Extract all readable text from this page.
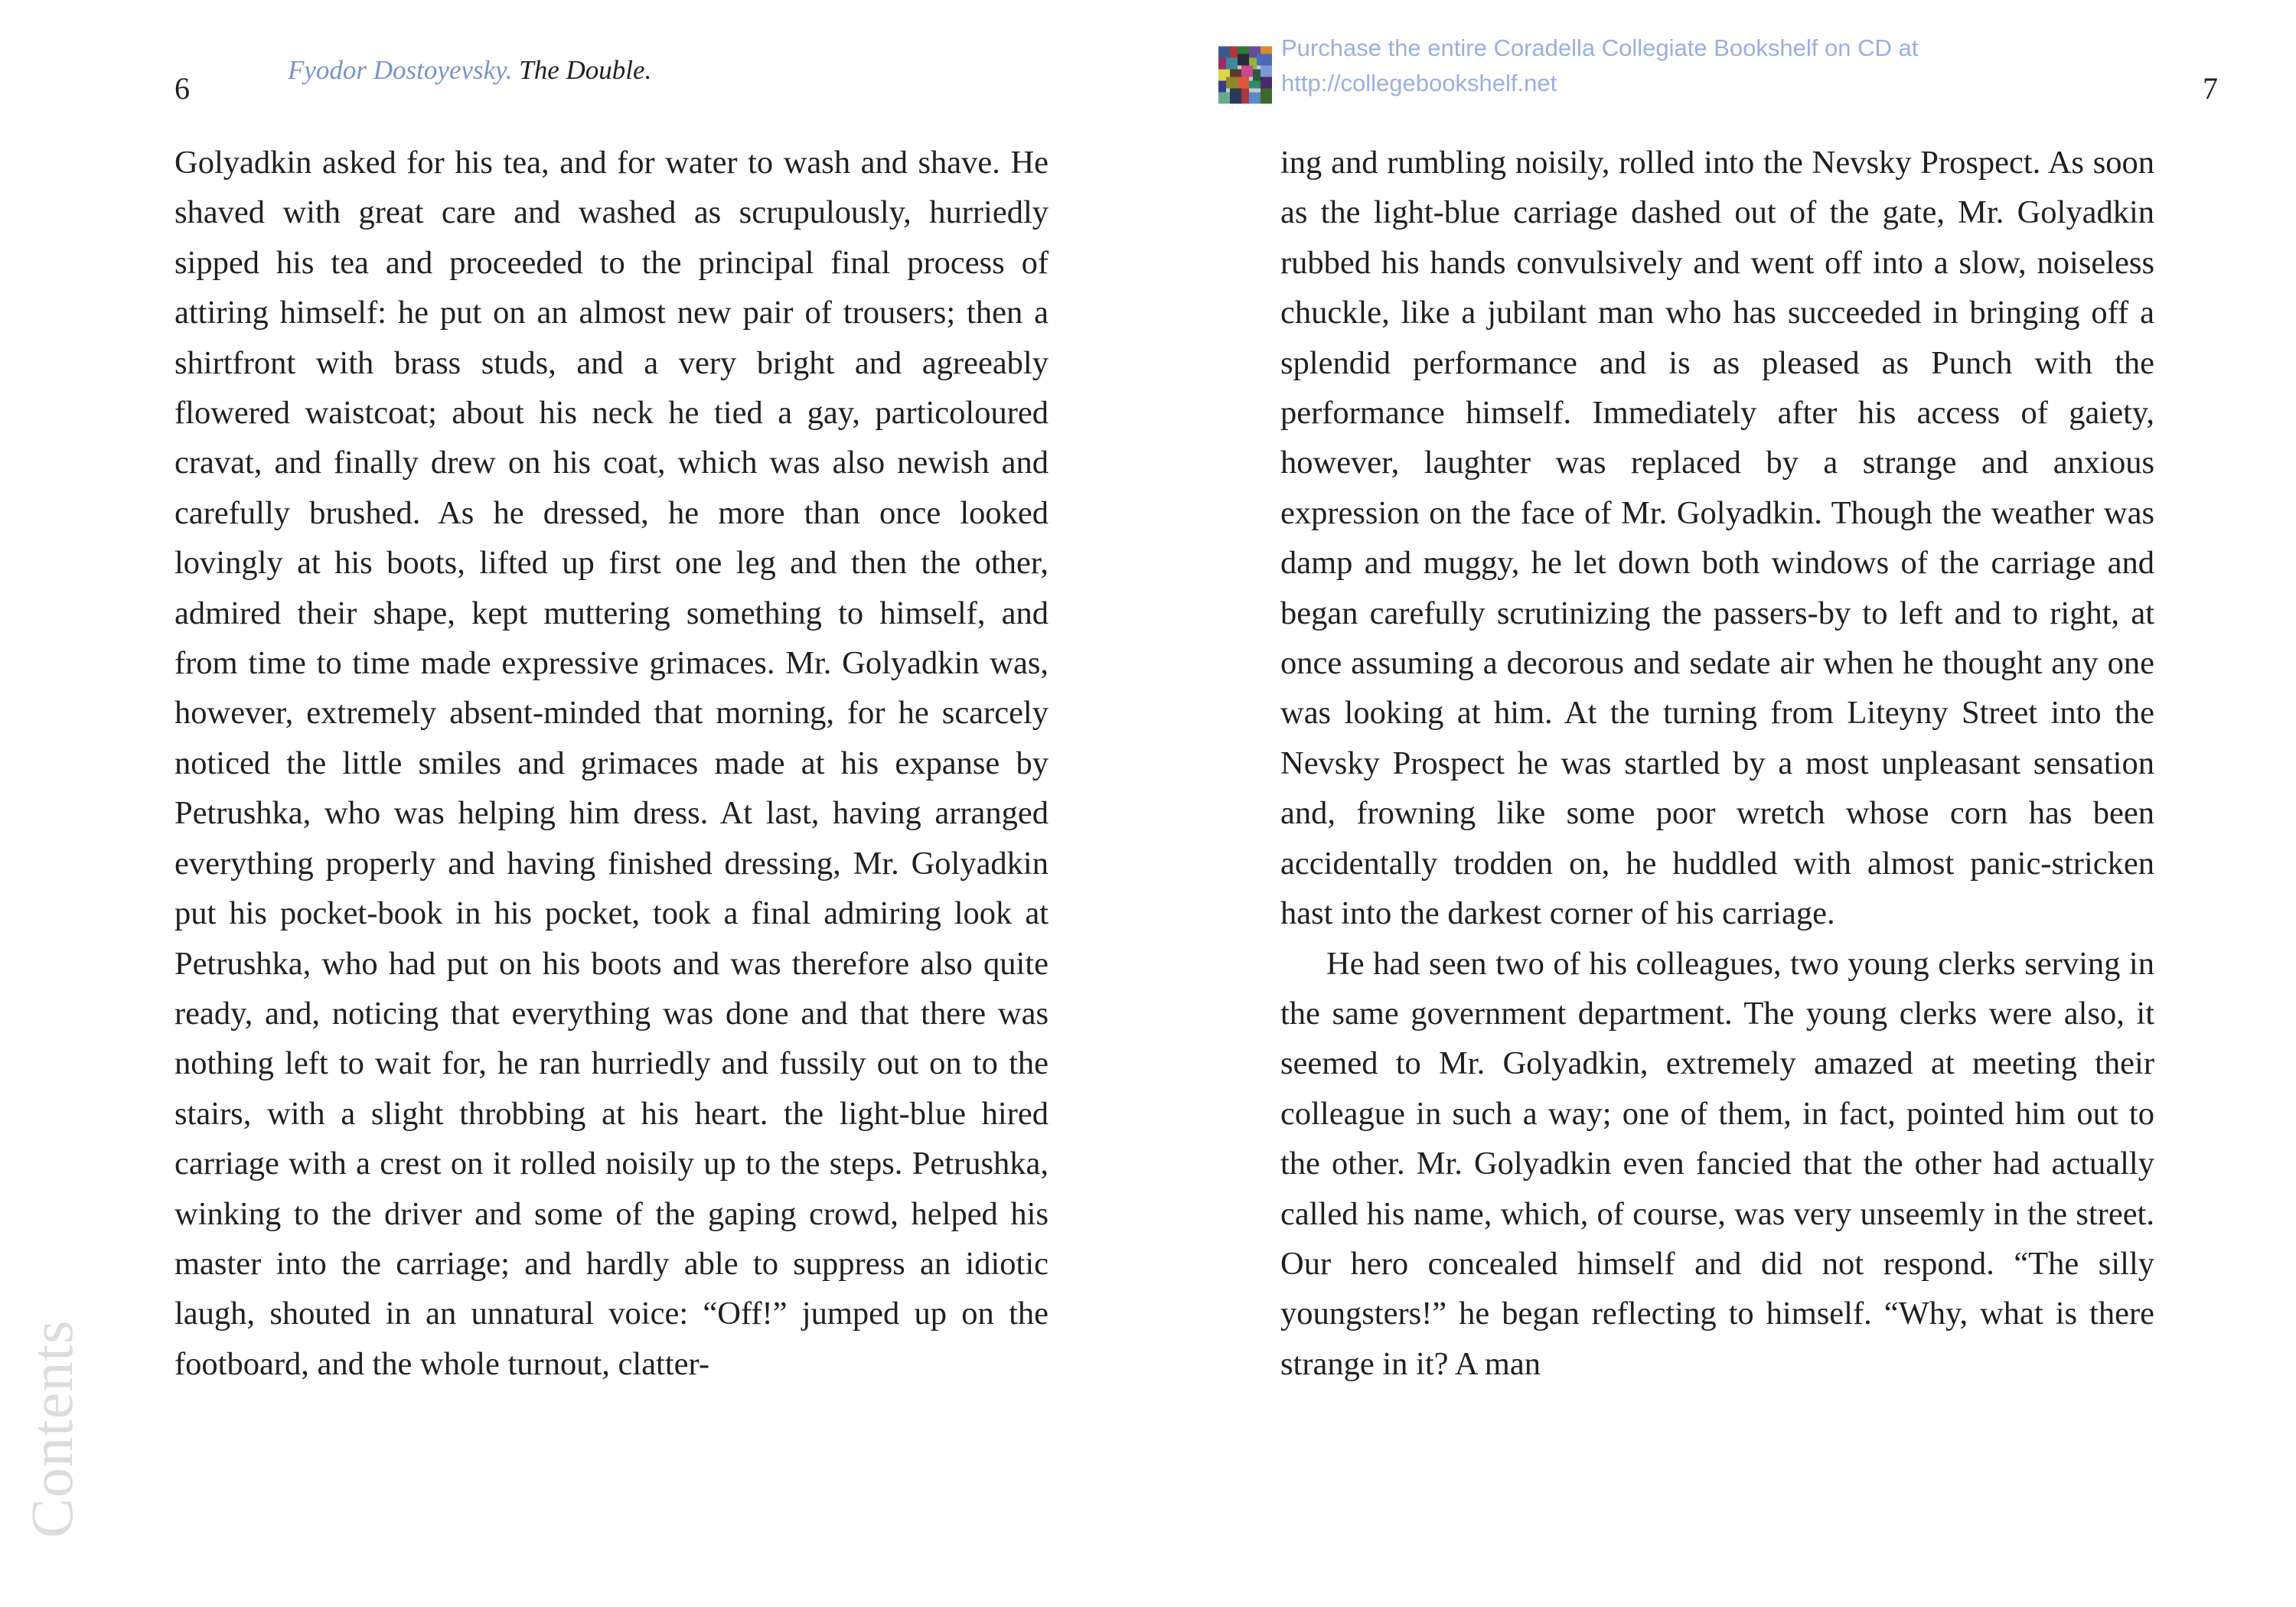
6
Fyodor Dostoyevsky. The Double.

Golyadkin asked for his tea, and for water to wash and shave. He shaved with great care and washed as scrupulously, hurriedly sipped his tea and proceeded to the principal final process of attiring himself: he put on an almost new pair of trousers; then a shirtfront with brass studs, and a very bright and agreeably flowered waistcoat; about his neck he tied a gay, particoloured cravat, and finally drew on his coat, which was also newish and carefully brushed. As he dressed, he more than once looked lovingly at his boots, lifted up first one leg and then the other, admired their shape, kept muttering something to himself, and from time to time made expressive grimaces. Mr. Golyadkin was, however, extremely absent-minded that morning, for he scarcely noticed the little smiles and grimaces made at his expanse by Petrushka, who was helping him dress. At last, having arranged everything properly and having finished dressing, Mr. Golyadkin put his pocket-book in his pocket, took a final admiring look at Petrushka, who had put on his boots and was therefore also quite ready, and, noticing that everything was done and that there was nothing left to wait for, he ran hurriedly and fussily out on to the stairs, with a slight throbbing at his heart. the light-blue hired carriage with a crest on it rolled noisily up to the steps. Petrushka, winking to the driver and some of the gaping crowd, helped his master into the carriage; and hardly able to suppress an idiotic laugh, shouted in an unnatural voice: “Off!” jumped up on the footboard, and the whole turnout, clatter-

Contents
Purchase the entire Coradella Collegiate Bookshelf on CD at
http://collegebookshelf.net	7

ing and rumbling noisily, rolled into the Nevsky Prospect. As soon as the light-blue carriage dashed out of the gate, Mr. Golyadkin rubbed his hands convulsively and went off into a slow, noiseless chuckle, like a jubilant man who has succeeded in bringing off a splendid performance and is as pleased as Punch with the performance himself. Immediately after his access of gaiety, however, laughter was replaced by a strange and anxious expression on the face of Mr. Golyadkin. Though the weather was damp and muggy, he let down both windows of the carriage and began carefully scrutinizing the passers-by to left and to right, at once assuming a decorous and sedate air when he thought any one was looking at him. At the turning from Liteyny Street into the Nevsky Prospect he was startled by a most unpleasant sensation and, frowning like some poor wretch whose corn has been accidentally trodden on, he huddled with almost panic-stricken hast into the darkest corner of his carriage.

He had seen two of his colleagues, two young clerks serving in the same government department. The young clerks were also, it seemed to Mr. Golyadkin, extremely amazed at meeting their colleague in such a way; one of them, in fact, pointed him out to the other. Mr. Golyadkin even fancied that the other had actually called his name, which, of course, was very unseemly in the street. Our hero concealed himself and did not respond. “The silly youngsters!” he began reflecting to himself. “Why, what is there strange in it? A man
